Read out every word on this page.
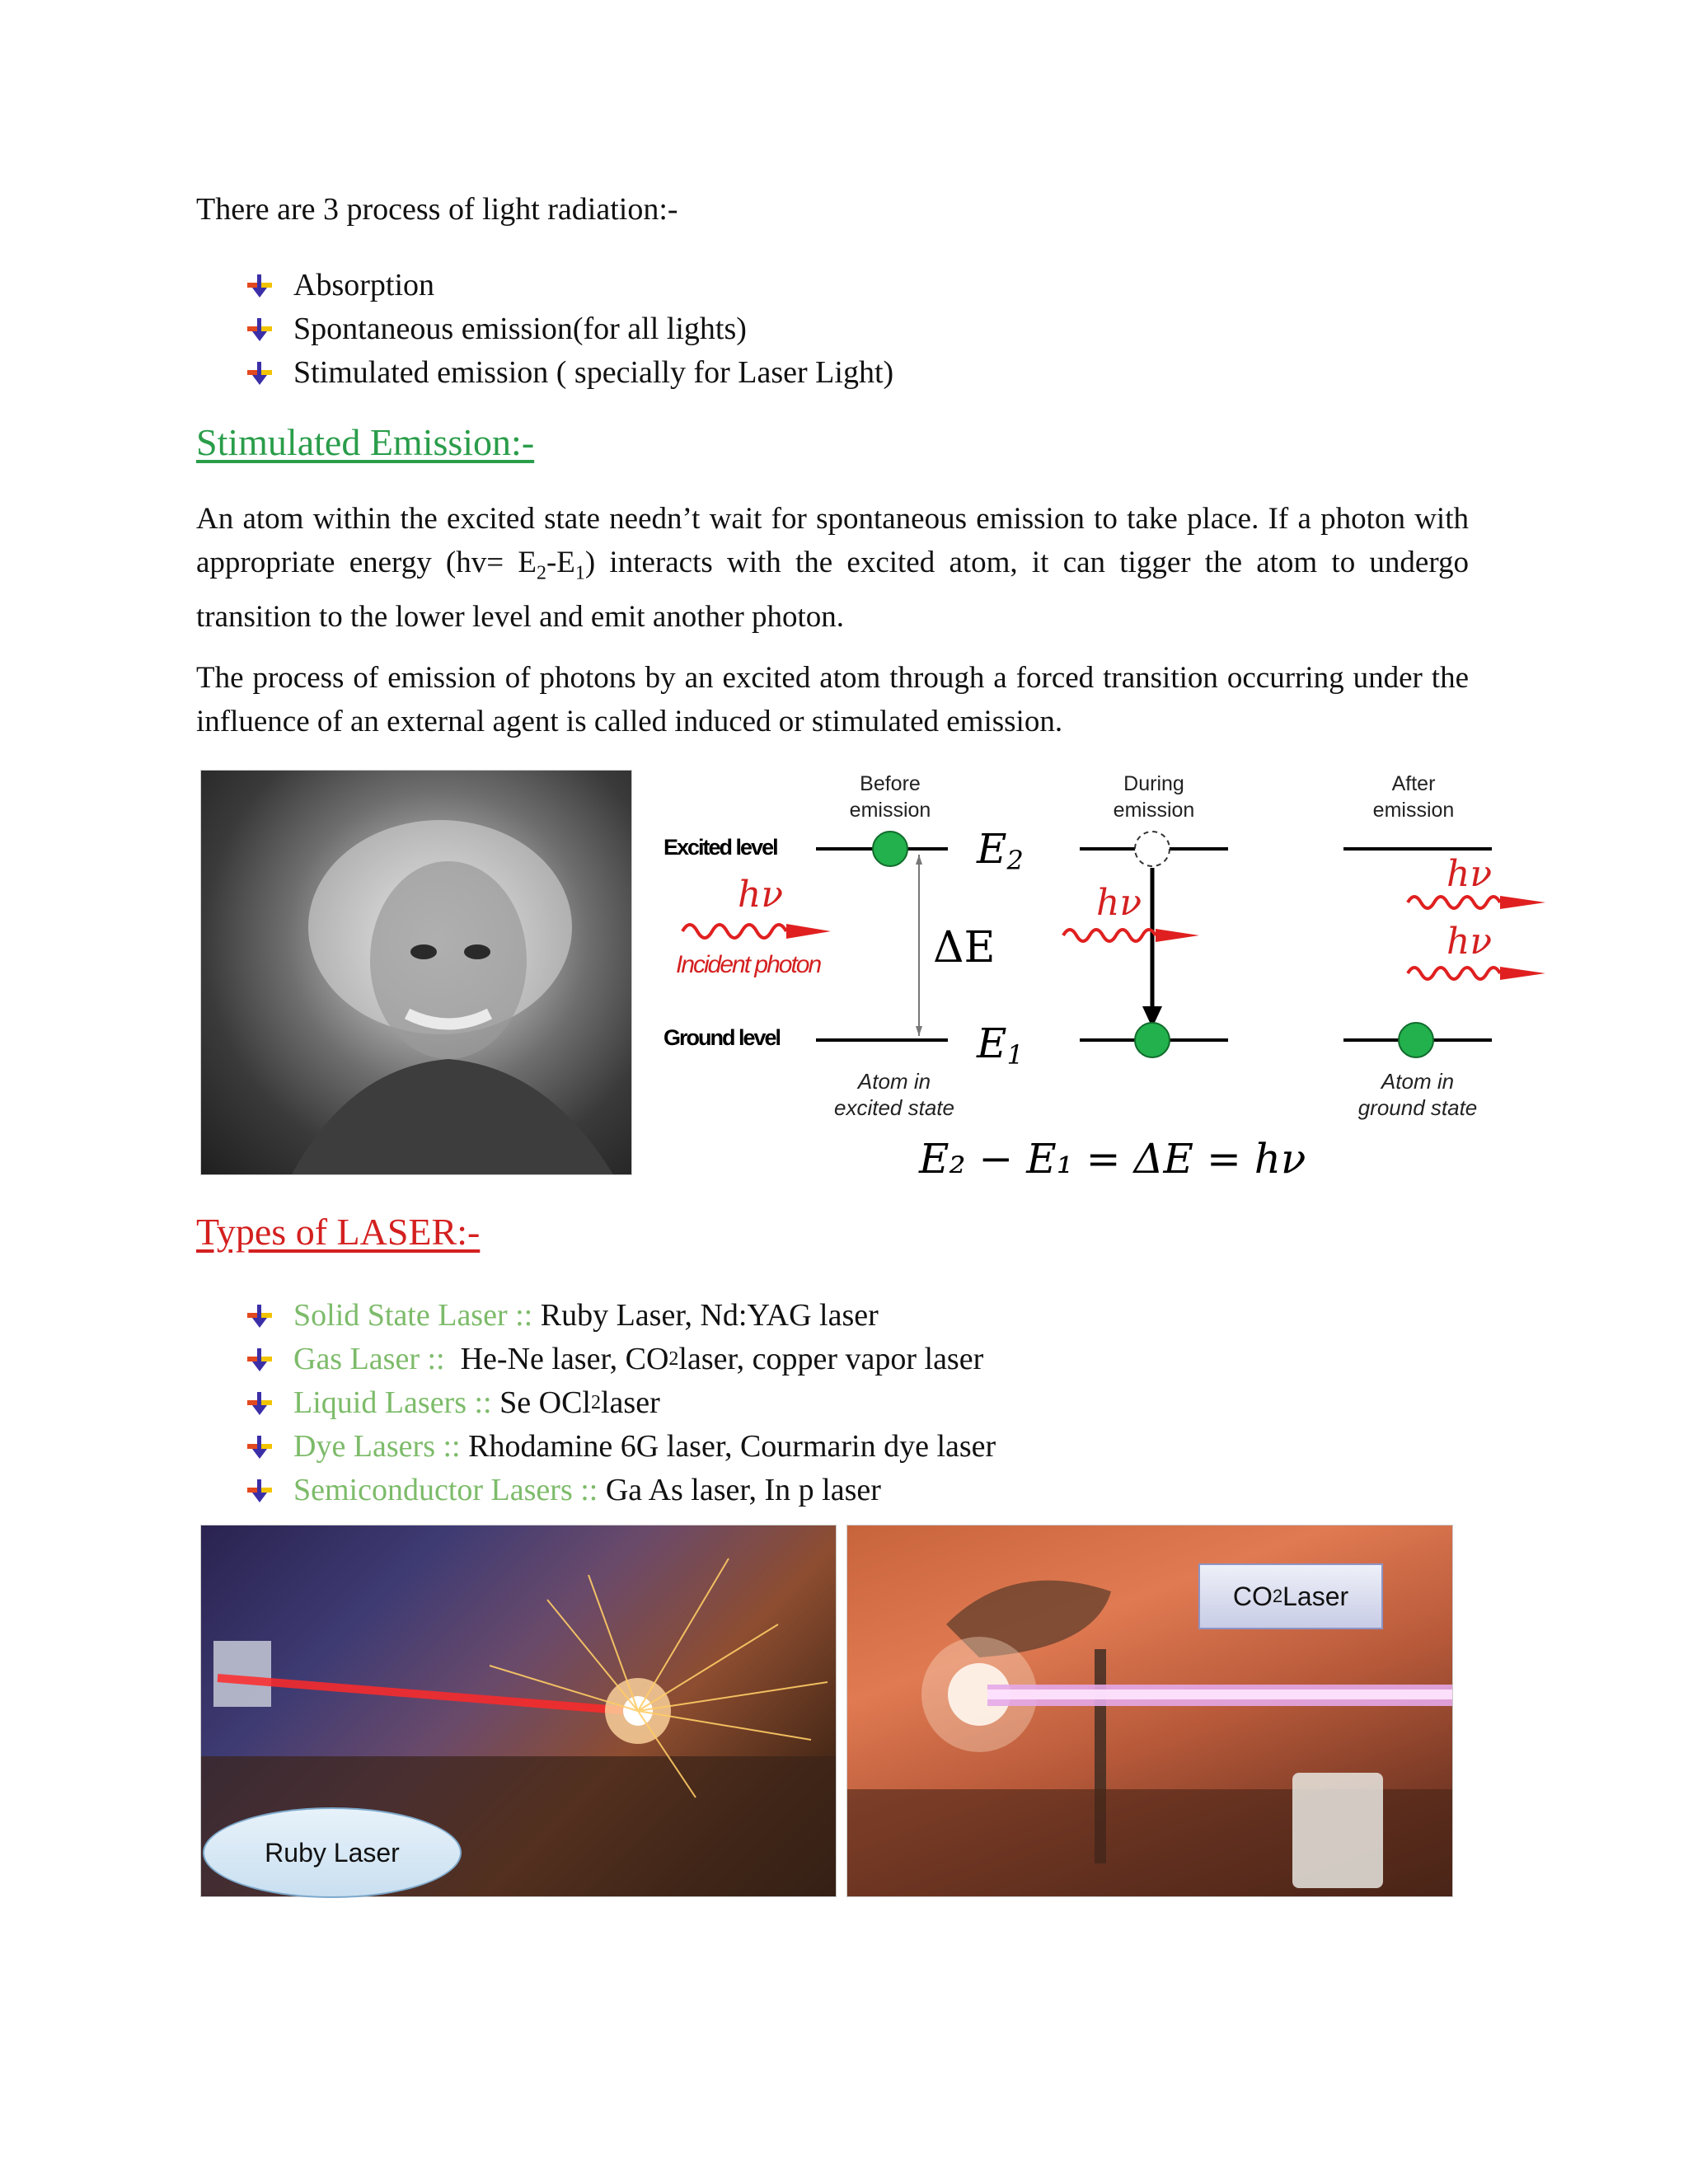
There are 3 process of light radiation:-
Absorption
Spontaneous emission(for all lights)
Stimulated emission ( specially for Laser Light)
Stimulated Emission:-
An atom within the excited state needn’t wait for spontaneous emission to take place. If a photon with appropriate energy $(hv= E_2-E_1)$ interacts with the excited atom, it can tigger the atom to undergo transition to the lower level and emit another photon.
The process of emission of photons by an excited atom through a forced transition occurring under the influence of an external agent is called induced or stimulated emission.
Before
emission
During
emission
After
emission
Excited level
Ground level
E2
E1
ΔE
hν
Incident photon
hν
hν
hν
Atom in
excited state
Atom in
ground state
E₂ − E₁ = ΔE = hν
Types of LASER:-
Solid State Laser ::
Ruby Laser, Nd:YAG laser
Gas Laser ::
He-Ne laser, CO 2 laser, copper vapor laser
Liquid Lasers ::
Se OCl 2 laser
Dye Lasers ::
Rhodamine 6G laser, Courmarin dye laser
Semiconductor Lasers ::
Ga As laser, In p laser
Ruby Laser
CO 2 Laser
